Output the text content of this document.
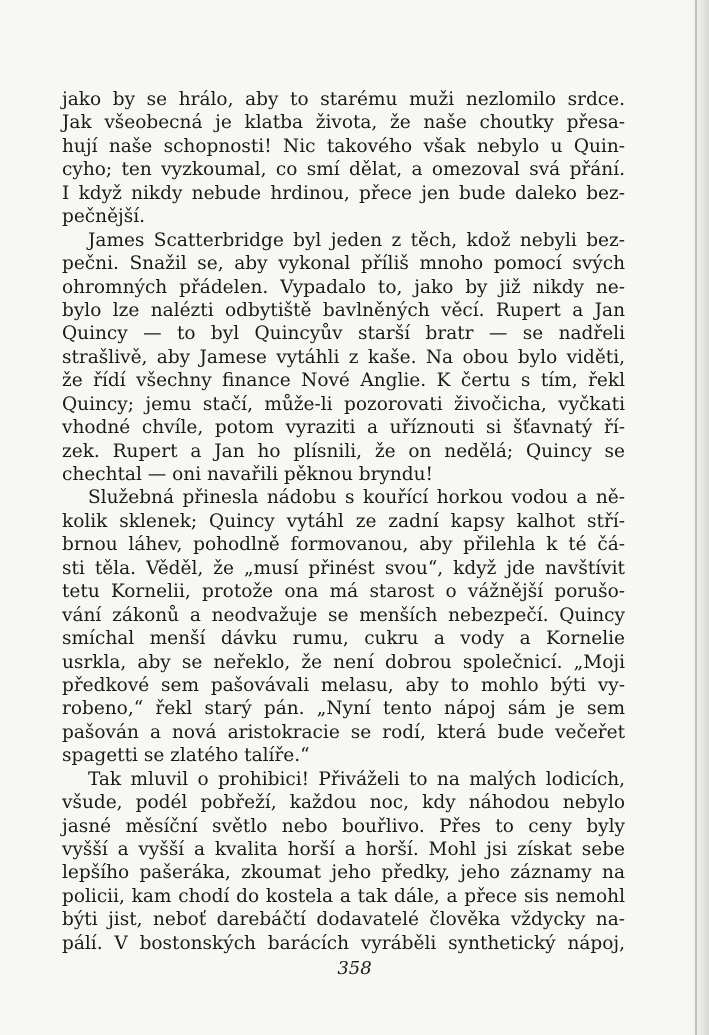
jako by se hrálo, aby to starému muži nezlomilo srdce.
Jak všeobecná je klatba života, že naše choutky přesa-
hují naše schopnosti! Nic takového však nebylo u Quin-
cyho; ten vyzkoumal, co smí dělat, a omezoval svá přání.
I když nikdy nebude hrdinou, přece jen bude daleko bez-
pečnější.
James Scatterbridge byl jeden z těch, kdož nebyli bez-
pečni. Snažil se, aby vykonal příliš mnoho pomocí svých
ohromných přádelen. Vypadalo to, jako by již nikdy ne-
bylo lze nalézti odbytiště bavlněných věcí. Rupert a Jan
Quincy — to byl Quincyův starší bratr — se nadřeli
strašlivě, aby Jamese vytáhli z kaše. Na obou bylo viděti,
že řídí všechny finance Nové Anglie. K čertu s tím, řekl
Quincy; jemu stačí, může-li pozorovati živočicha, vyčkati
vhodné chvíle, potom vyraziti a uříznouti si šťavnatý ří-
zek. Rupert a Jan ho plísnili, že on nedělá; Quincy se
chechtal — oni navařili pěknou bryndu!
Služebná přinesla nádobu s kouřící horkou vodou a ně-
kolik sklenek; Quincy vytáhl ze zadní kapsy kalhot stří-
brnou láhev, pohodlně formovanou, aby přilehla k té čá-
sti těla. Věděl, že „musí přinést svou“, když jde navštívit
tetu Kornelii, protože ona má starost o vážnější porušo-
vání zákonů a neodvažuje se menších nebezpečí. Quincy
smíchal menší dávku rumu, cukru a vody a Kornelie
usrkla, aby se neřeklo, že není dobrou společnicí. „Moji
předkové sem pašovávali melasu, aby to mohlo býti vy-
robeno,“ řekl starý pán. „Nyní tento nápoj sám je sem
pašován a nová aristokracie se rodí, která bude večeřet
spagetti se zlatého talíře.“
Tak mluvil o prohibici! Přiváželi to na malých lodicích,
všude, podél pobřeží, každou noc, kdy náhodou nebylo
jasné měsíční světlo nebo bouřlivo. Přes to ceny byly
vyšší a vyšší a kvalita horší a horší. Mohl jsi získat sebe
lepšího pašeráka, zkoumat jeho předky, jeho záznamy na
policii, kam chodí do kostela a tak dále, a přece sis nemohl
býti jist, neboť darebáčtí dodavatelé člověka vždycky na-
pálí. V bostonských barácích vyráběli synthetický nápoj,
358
